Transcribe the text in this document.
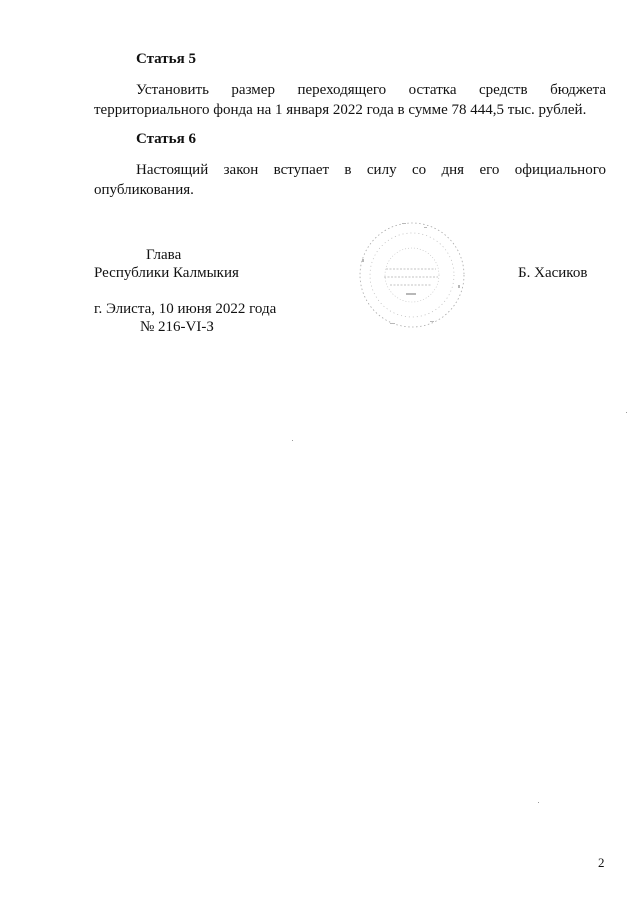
Статья 5

Установить размер переходящего остатка средств бюджета
территориального фонда на 1 января 2022 года в сумме 78 444,5 тыс. рублей.

Статья 6

Настоящий закон вступает в силу со дня его официального
опубликования.

Глава

Республики Калмыкия	Б. Хасиков

г. Элиста, 10 июня 2022 года

№ 216-VI-З

2
